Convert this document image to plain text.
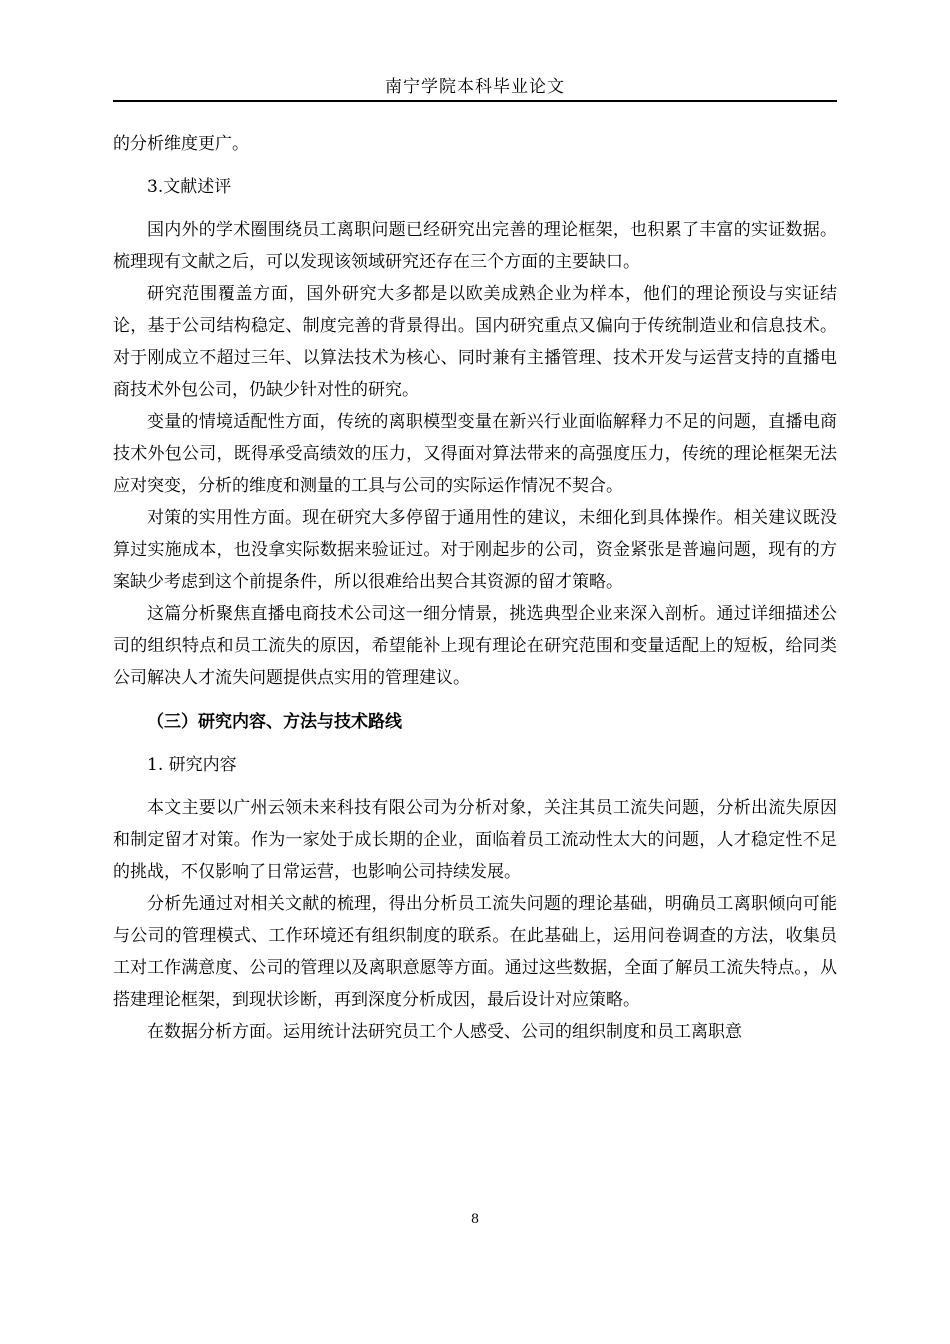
南宁学院本科毕业论文

的分析维度更广。

3.文献述评

国内外的学术圈围绕员工离职问题已经研究出完善的理论框架，也积累了丰富的实证数据。梳理现有文献之后，可以发现该领域研究还存在三个方面的主要缺口。

研究范围覆盖方面，国外研究大多都是以欧美成熟企业为样本，他们的理论预设与实证结论，基于公司结构稳定、制度完善的背景得出。国内研究重点又偏向于传统制造业和信息技术。对于刚成立不超过三年、以算法技术为核心、同时兼有主播管理、技术开发与运营支持的直播电商技术外包公司，仍缺少针对性的研究。

变量的情境适配性方面，传统的离职模型变量在新兴行业面临解释力不足的问题，直播电商技术外包公司，既得承受高绩效的压力，又得面对算法带来的高强度压力，传统的理论框架无法应对突变，分析的维度和测量的工具与公司的实际运作情况不契合。

对策的实用性方面。现在研究大多停留于通用性的建议，未细化到具体操作。相关建议既没算过实施成本，也没拿实际数据来验证过。对于刚起步的公司，资金紧张是普遍问题，现有的方案缺少考虑到这个前提条件，所以很难给出契合其资源的留才策略。

这篇分析聚焦直播电商技术公司这一细分情景，挑选典型企业来深入剖析。通过详细描述公司的组织特点和员工流失的原因，希望能补上现有理论在研究范围和变量适配上的短板，给同类公司解决人才流失问题提供点实用的管理建议。

（三）研究内容、方法与技术路线

1. 研究内容

本文主要以广州云领未来科技有限公司为分析对象，关注其员工流失问题，分析出流失原因和制定留才对策。作为一家处于成长期的企业，面临着员工流动性太大的问题，人才稳定性不足的挑战，不仅影响了日常运营，也影响公司持续发展。

分析先通过对相关文献的梳理，得出分析员工流失问题的理论基础，明确员工离职倾向可能与公司的管理模式、工作环境还有组织制度的联系。在此基础上，运用问卷调查的方法，收集员工对工作满意度、公司的管理以及离职意愿等方面。通过这些数据，全面了解员工流失特点。，从搭建理论框架，到现状诊断，再到深度分析成因，最后设计对应策略。

在数据分析方面。运用统计法研究员工个人感受、公司的组织制度和员工离职意

8
